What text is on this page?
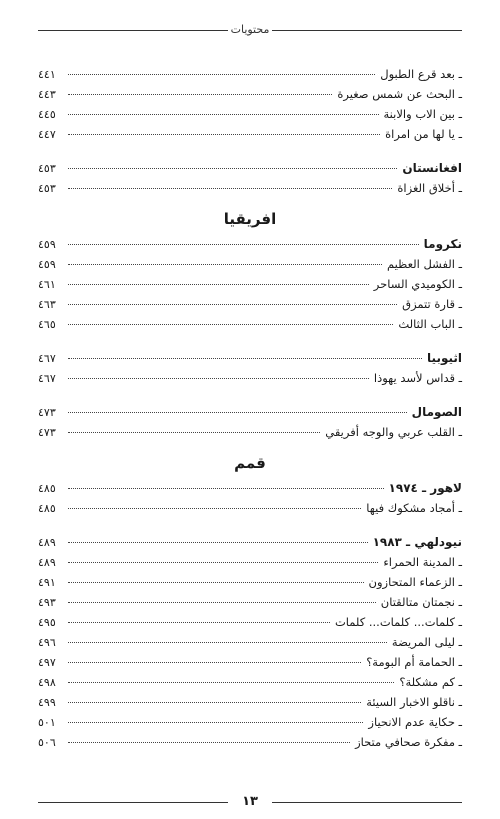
محتويات
ـ بعد قرع الطبول
٤٤١
ـ البحث عن شمس صغيرة
٤٤٣
ـ بين الاب والابنة
٤٤٥
ـ يا لها من امراة
٤٤٧
افغانستان
٤٥٣
ـ أخلاق الغزاة
٤٥٣
افريقيا
نكروما
٤٥٩
ـ الفشل العظيم
٤٥٩
ـ الكوميدي الساحر
٤٦١
ـ قارة تتمزق
٤٦٣
ـ الباب الثالث
٤٦٥
اثيوبيا
٤٦٧
ـ قداس لأسد يهوذا
٤٦٧
الصومال
٤٧٣
ـ القلب عربي والوجه أفريقي
٤٧٣
قمم
لاهور ـ ١٩٧٤
٤٨٥
ـ أمجاد مشكوك فيها
٤٨٥
نيودلهي ـ ١٩٨٣
٤٨٩
ـ المدينة الحمراء
٤٨٩
ـ الزعماء المتحازون
٤٩١
ـ نجمتان متالقتان
٤٩٣
ـ كلمات... كلمات... كلمات
٤٩٥
ـ ليلى المريضة
٤٩٦
ـ الحمامة أم البومة؟
٤٩٧
ـ كم مشكلة؟
٤٩٨
ـ ناقلو الاخبار السيئة
٤٩٩
ـ حكاية عدم الانحياز
٥٠١
ـ مفكرة صحافي متحاز
٥٠٦
١٣
